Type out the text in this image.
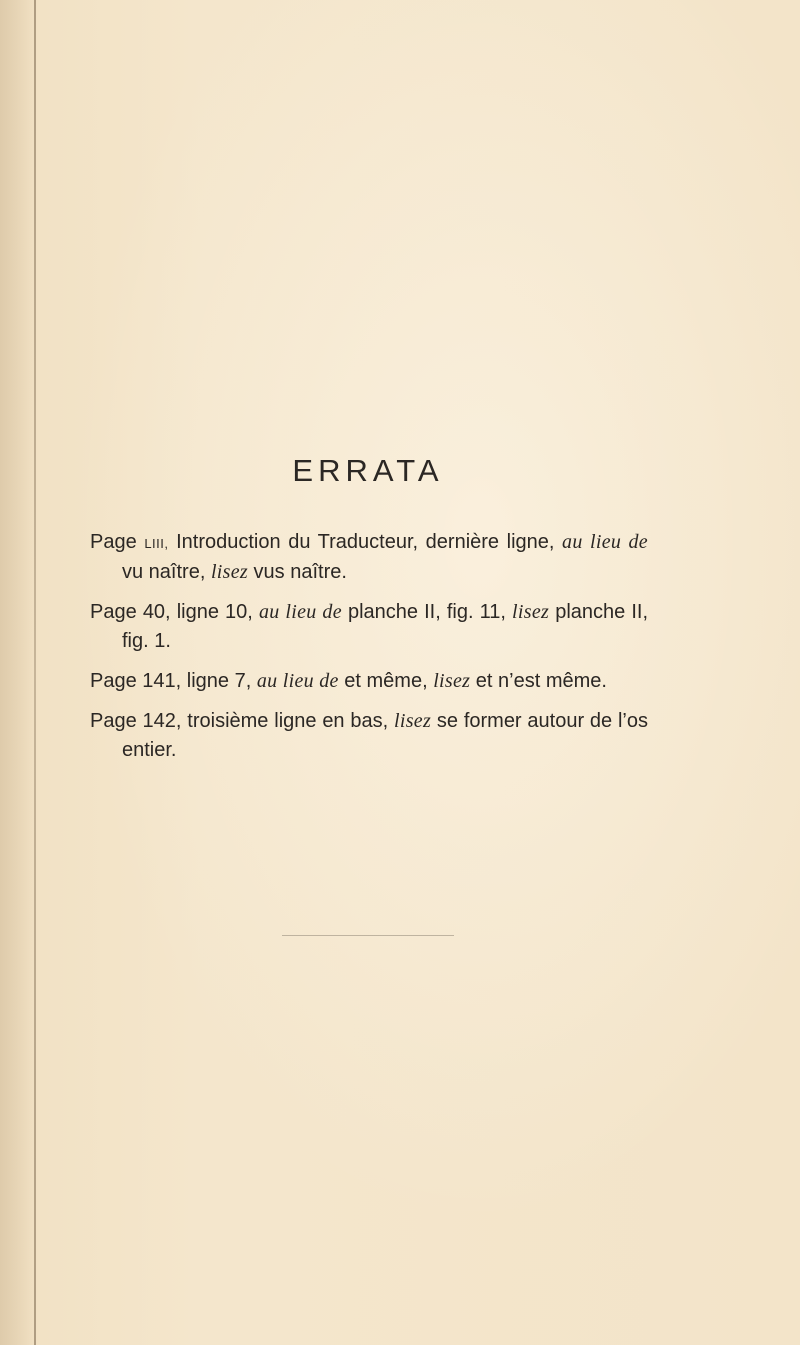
ERRATA

Page LIII, Introduction du Traducteur, dernière ligne, au lieu de vu naître, lisez vus naître.

Page 40, ligne 10, au lieu de planche II, fig. 11, lisez planche II, fig. 1.

Page 141, ligne 7, au lieu de et même, lisez et n’est même.

Page 142, troisième ligne en bas, lisez se former autour de l’os entier.
